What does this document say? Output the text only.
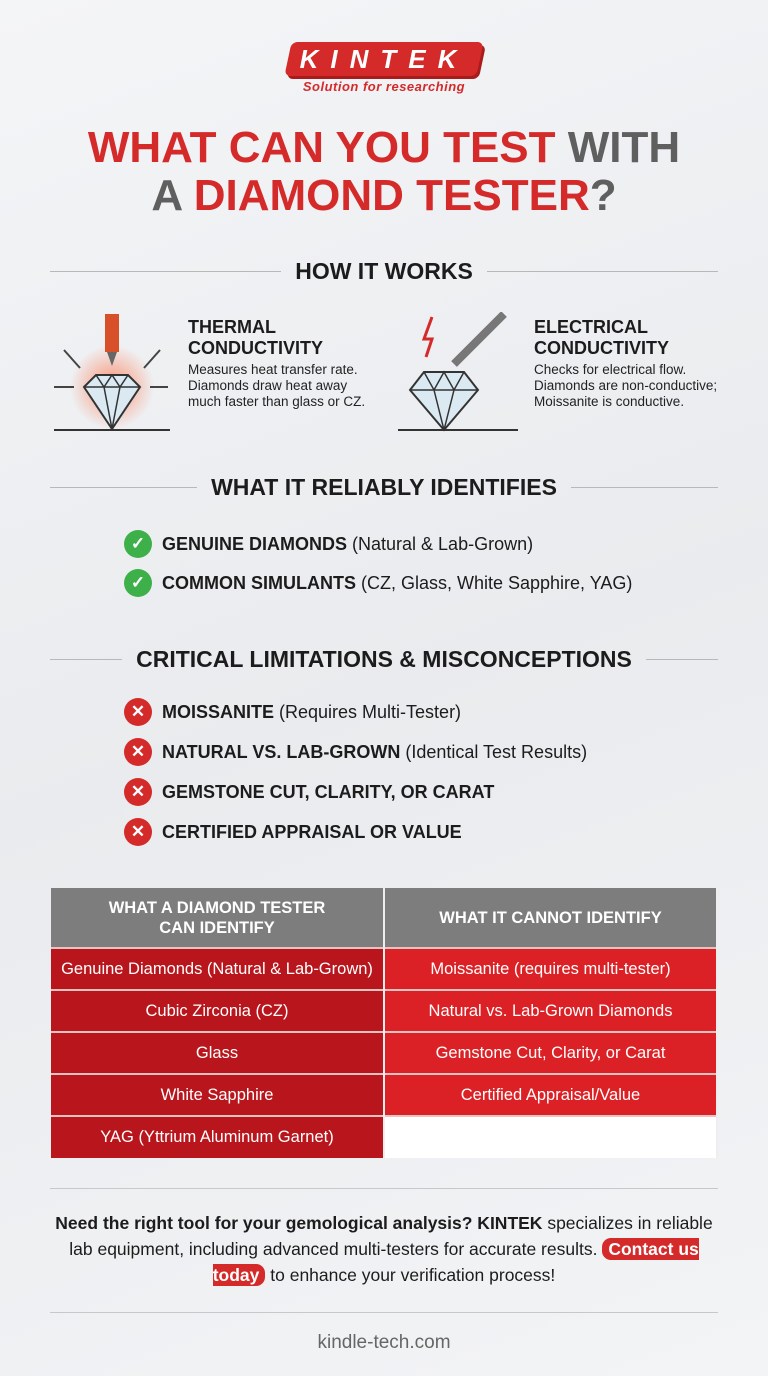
KINTEK
Solution for researching
WHAT CAN YOU TEST WITH
A DIAMOND TESTER?
HOW IT WORKS
THERMAL
CONDUCTIVITY

Measures heat transfer rate. Diamonds draw heat away much faster than glass or CZ.

ELECTRICAL
CONDUCTIVITY

Checks for electrical flow. Diamonds are non-conductive; Moissanite is conductive.

WHAT IT RELIABLY IDENTIFIES
✓ GENUINE DIAMONDS (Natural & Lab-Grown)
✓ COMMON SIMULANTS (CZ, Glass, White Sapphire, YAG)
CRITICAL LIMITATIONS & MISCONCEPTIONS
✕ MOISSANITE (Requires Multi-Tester)
✕ NATURAL VS. LAB-GROWN (Identical Test Results)
✕ GEMSTONE CUT, CLARITY, OR CARAT
✕ CERTIFIED APPRAISAL OR VALUE
WHAT A DIAMOND TESTER CAN IDENTIFY	WHAT IT CANNOT IDENTIFY
Genuine Diamonds (Natural & Lab-Grown)	Moissanite (requires multi-tester)
Cubic Zirconia (CZ)	Natural vs. Lab-Grown Diamonds
Glass	Gemstone Cut, Clarity, or Carat
White Sapphire	Certified Appraisal/Value
YAG (Yttrium Aluminum Garnet)	
Need the right tool for your gemological analysis? KINTEK specializes in reliable lab equipment, including advanced multi-testers for accurate results. Contact us today to enhance your verification process!
kindle-tech.com
